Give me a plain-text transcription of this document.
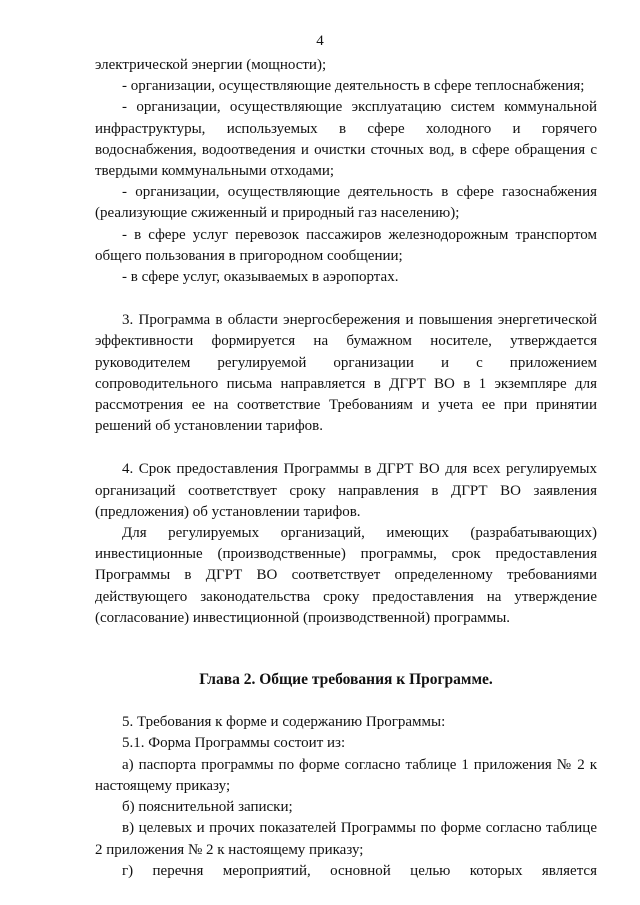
4

электрической энергии (мощности);

- организации, осуществляющие деятельность в сфере теплоснабжения;

- организации, осуществляющие эксплуатацию систем коммунальной инфраструктуры, используемых в сфере холодного и горячего водоснабжения, водоотведения и очистки сточных вод, в сфере обращения с твердыми коммунальными отходами;

- организации, осуществляющие деятельность в сфере газоснабжения (реализующие сжиженный и природный газ населению);

- в сфере услуг перевозок пассажиров железнодорожным транспортом общего пользования в пригородном сообщении;

- в сфере услуг, оказываемых в аэропортах.

3. Программа в области энергосбережения и повышения энергетической эффективности формируется на бумажном носителе, утверждается руководителем регулируемой организации и с приложением сопроводительного письма направляется в ДГРТ ВО в 1 экземпляре для рассмотрения ее на соответствие Требованиям и учета ее при принятии решений об установлении тарифов.

4. Срок предоставления Программы в ДГРТ ВО для всех регулируемых организаций соответствует сроку направления в ДГРТ ВО заявления (предложения) об установлении тарифов.

Для регулируемых организаций, имеющих (разрабатывающих) инвестиционные (производственные) программы, срок предоставления Программы в ДГРТ ВО соответствует определенному требованиями действующего законодательства сроку предоставления на утверждение (согласование) инвестиционной (производственной) программы.

Глава 2. Общие требования к Программе.

5. Требования к форме и содержанию Программы:

5.1. Форма Программы состоит из:

а) паспорта программы по форме согласно таблице 1 приложения № 2 к настоящему приказу;

б) пояснительной записки;

в) целевых и прочих показателей Программы по форме согласно таблице 2 приложения № 2 к настоящему приказу;

г) перечня мероприятий, основной целью которых является
